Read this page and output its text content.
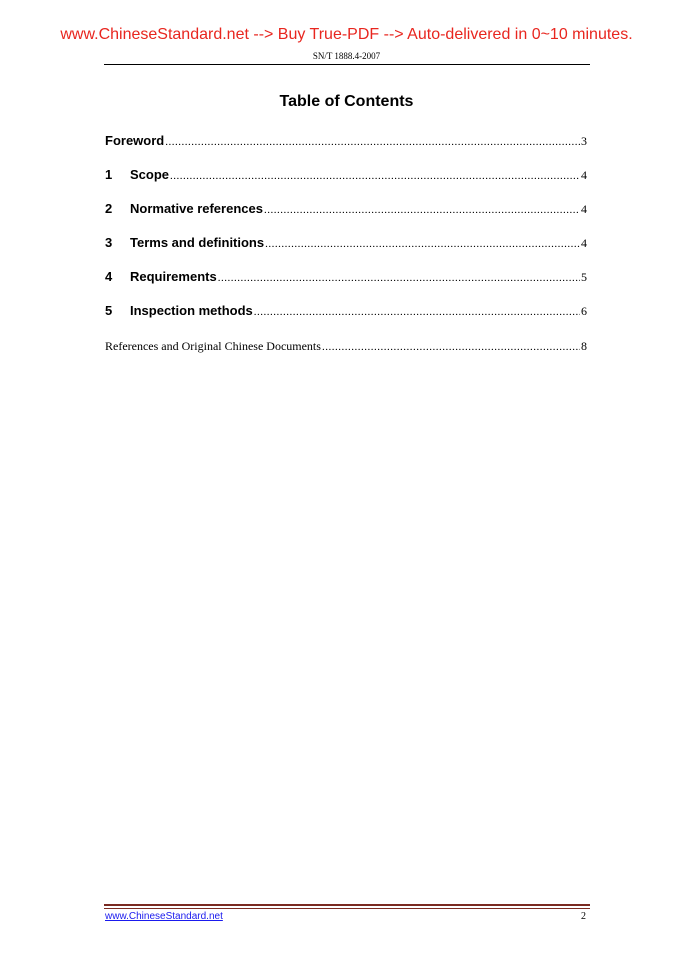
www.ChineseStandard.net --> Buy True-PDF --> Auto-delivered in 0~10 minutes.
SN/T 1888.4-2007
Table of Contents
Foreword .....	3
1	Scope .....	4
2	Normative references .....	4
3	Terms and definitions .....	4
4	Requirements .....	5
5	Inspection methods .....	6
References and Original Chinese Documents .....	8
www.ChineseStandard.net	2
